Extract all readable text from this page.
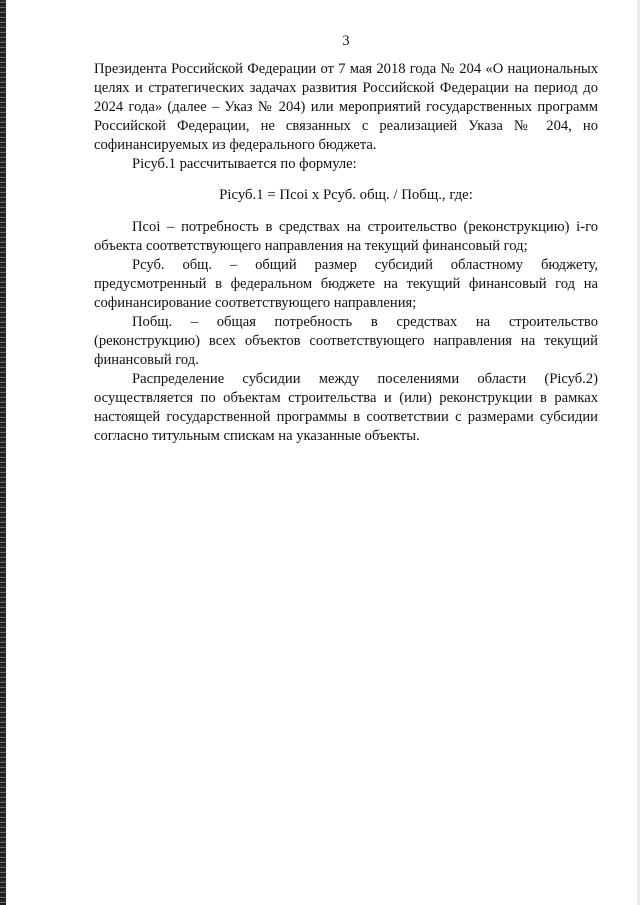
3

Президента Российской Федерации от 7 мая 2018 года № 204 «О национальных целях и стратегических задачах развития Российской Федерации на период до 2024 года» (далее – Указ № 204) или мероприятий государственных программ Российской Федерации, не связанных с реализацией Указа № 204, но софинансируемых из федерального бюджета.

Pісуб.1 рассчитывается по формуле:

Pісуб.1 = Пcoi x Pсуб. общ. / Побщ., где:

Пcoi – потребность в средствах на строительство (реконструкцию) i-го объекта соответствующего направления на текущий финансовый год;

Рсуб. общ. – общий размер субсидий областному бюджету, предусмотренный в федеральном бюджете на текущий финансовый год на софинансирование соответствующего направления;

Побщ. – общая потребность в средствах на строительство (реконструкцию) всех объектов соответствующего направления на текущий финансовый год.

Распределение субсидии между поселениями области (Pісуб.2) осуществляется по объектам строительства и (или) реконструкции в рамках настоящей государственной программы в соответствии с размерами субсидии согласно титульным спискам на указанные объекты.
